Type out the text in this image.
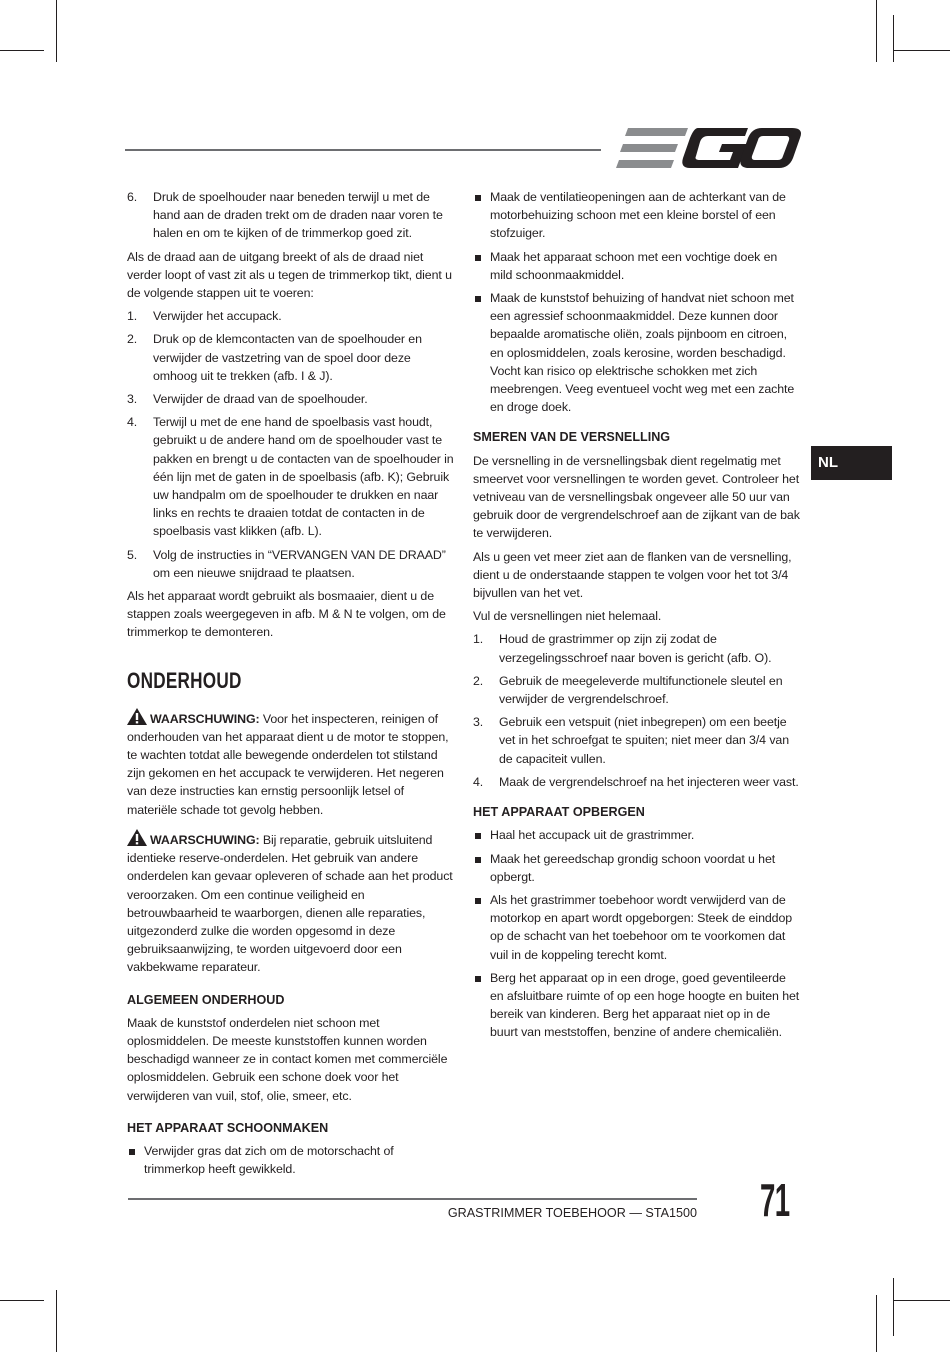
NL
6. Druk de spoelhouder naar beneden terwijl u met de hand aan de draden trekt om de draden naar voren te halen en om te kijken of de trimmerkop goed zit.

Als de draad aan de uitgang breekt of als de draad niet verder loopt of vast zit als u tegen de trimmerkop tikt, dient u de volgende stappen uit te voeren:

1. Verwijder het accupack.
2. Druk op de klemcontacten van de spoelhouder en verwijder de vastzetring van de spoel door deze omhoog uit te trekken (afb. I & J).
3. Verwijder de draad van de spoelhouder.
4. Terwijl u met de ene hand de spoelbasis vast houdt, gebruikt u de andere hand om de spoelhouder vast te pakken en brengt u de contacten van de spoelhouder in één lijn met de gaten in de spoelbasis (afb. K); Gebruik uw handpalm om de spoelhouder te drukken en naar links en rechts te draaien totdat de contacten in de spoelbasis vast klikken (afb. L).
5. Volg de instructies in “VERVANGEN VAN DE DRAAD” om een nieuwe snijdraad te plaatsen.

Als het apparaat wordt gebruikt als bosmaaier, dient u de stappen zoals weergegeven in afb. M & N te volgen, om de trimmerkop te demonteren.

ONDERHOUD

WAARSCHUWING: Voor het inspecteren, reinigen of onderhouden van het apparaat dient u de motor te stoppen, te wachten totdat alle bewegende onderdelen tot stilstand zijn gekomen en het accupack te verwijderen. Het negeren van deze instructies kan ernstig persoonlijk letsel of materiële schade tot gevolg hebben.

WAARSCHUWING: Bij reparatie, gebruik uitsluitend identieke reserve-onderdelen. Het gebruik van andere onderdelen kan gevaar opleveren of schade aan het product veroorzaken. Om een continue veiligheid en betrouwbaarheid te waarborgen, dienen alle reparaties, uitgezonderd zulke die worden opgesomd in deze gebruiksaanwijzing, te worden uitgevoerd door een vakbekwame reparateur.

ALGEMEEN ONDERHOUD

Maak de kunststof onderdelen niet schoon met oplosmiddelen. De meeste kunststoffen kunnen worden beschadigd wanneer ze in contact komen met commerciële oplosmiddelen. Gebruik een schone doek voor het verwijderen van vuil, stof, olie, smeer, etc.

HET APPARAAT SCHOONMAKEN
Verwijder gras dat zich om de motorschacht of trimmerkop heeft gewikkeld.
Maak de ventilatieopeningen aan de achterkant van de motorbehuizing schoon met een kleine borstel of een stofzuiger.
Maak het apparaat schoon met een vochtige doek en mild schoonmaakmiddel.
Maak de kunststof behuizing of handvat niet schoon met een agressief schoonmaakmiddel. Deze kunnen door bepaalde aromatische oliën, zoals pijnboom en citroen, en oplosmiddelen, zoals kerosine, worden beschadigd. Vocht kan risico op elektrische schokken met zich meebrengen. Veeg eventueel vocht weg met een zachte en droge doek.
SMEREN VAN DE VERSNELLING

De versnelling in de versnellingsbak dient regelmatig met smeervet voor versnellingen te worden gevet. Controleer het vetniveau van de versnellingsbak ongeveer alle 50 uur van gebruik door de vergrendelschroef aan de zijkant van de bak te verwijderen.

Als u geen vet meer ziet aan de flanken van de versnelling, dient u de onderstaande stappen te volgen voor het tot 3/4 bijvullen van het vet.

Vul de versnellingen niet helemaal.

1. Houd de grastrimmer op zijn zij zodat de verzegelingsschroef naar boven is gericht (afb. O).
2. Gebruik de meegeleverde multifunctionele sleutel en verwijder de vergrendelschroef.
3. Gebruik een vetspuit (niet inbegrepen) om een beetje vet in het schroefgat te spuiten; niet meer dan 3/4 van de capaciteit vullen.
4. Maak de vergrendelschroef na het injecteren weer vast.
HET APPARAAT OPBERGEN
Haal het accupack uit de grastrimmer.
Maak het gereedschap grondig schoon voordat u het opbergt.
Als het grastrimmer toebehoor wordt verwijderd van de motorkop en apart wordt opgeborgen: Steek de einddop op de schacht van het toebehoor om te voorkomen dat vuil in de koppeling terecht komt.
Berg het apparaat op in een droge, goed geventileerde en afsluitbare ruimte of op een hoge hoogte en buiten het bereik van kinderen. Berg het apparaat niet op in de buurt van meststoffen, benzine of andere chemicaliën.
GRASTRIMMER TOEBEHOOR — STA1500 71
